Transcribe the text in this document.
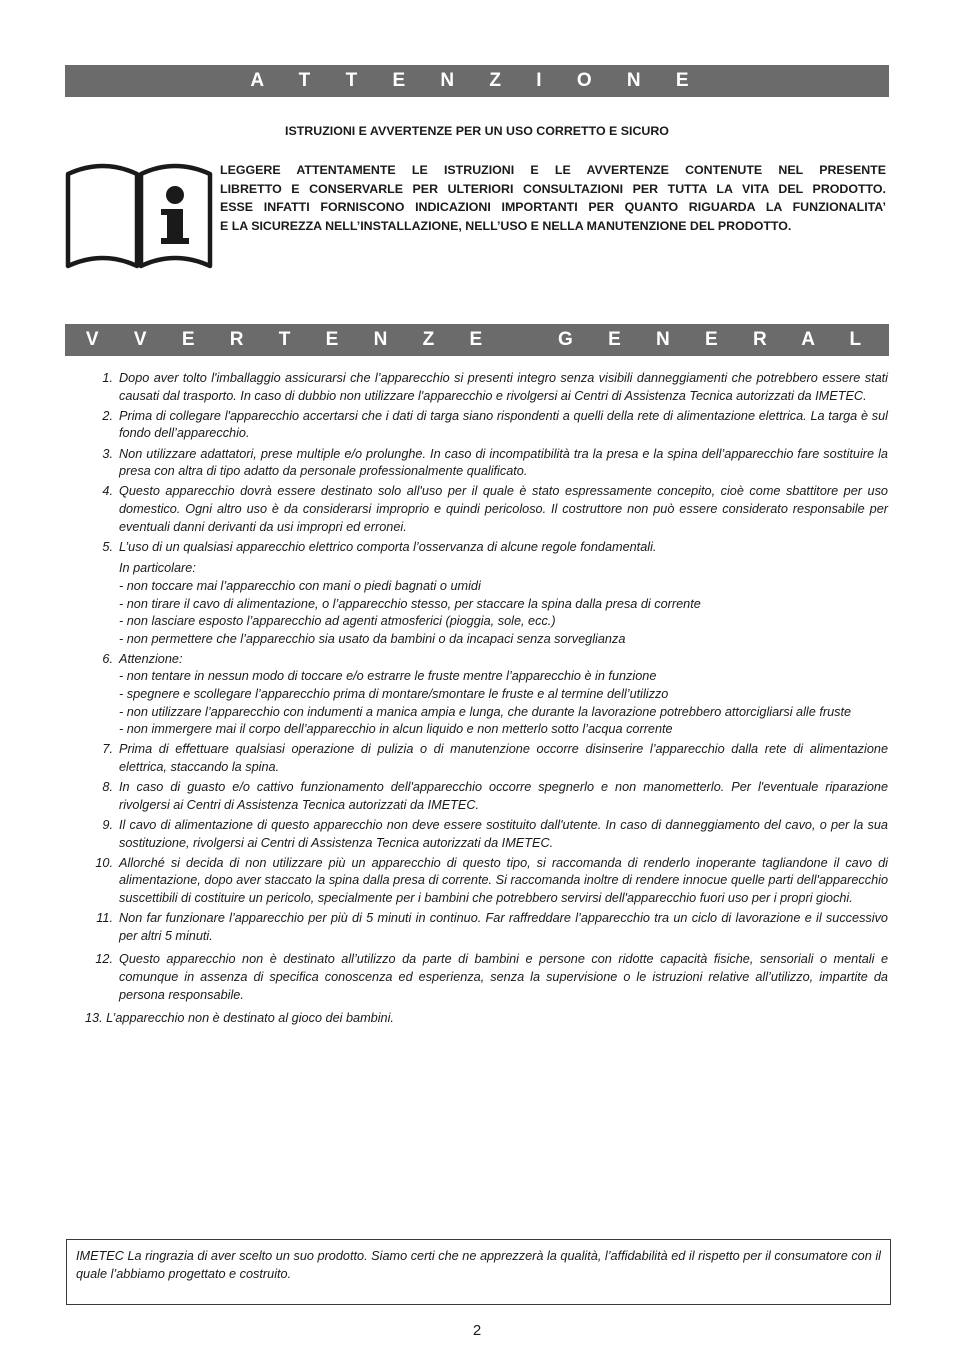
A T T E N Z I O N E
ISTRUZIONI E AVVERTENZE PER UN USO CORRETTO E SICURO
LEGGERE ATTENTAMENTE LE ISTRUZIONI E LE AVVERTENZE CONTENUTE NEL PRESENTE
LIBRETTO E CONSERVARLE PER ULTERIORI CONSULTAZIONI PER TUTTA LA VITA DEL PRODOTTO.
ESSE INFATTI FORNISCONO INDICAZIONI IMPORTANTI PER QUANTO RIGUARDA LA FUNZIONALITA’
E LA SICUREZZA NELL’INSTALLAZIONE, NELL’USO E NELLA MANUTENZIONE DEL PRODOTTO.
A V V E R T E N Z E   G E N E R A L I
1. Dopo aver tolto l'imballaggio assicurarsi che l’apparecchio si presenti integro senza visibili danneggiamenti che potrebbero essere stati causati dal trasporto. In caso di dubbio non utilizzare l'apparecchio e rivolgersi ai Centri di Assistenza Tecnica autorizzati da IMETEC.
2. Prima di collegare l'apparecchio accertarsi che i dati di targa siano rispondenti a quelli della rete di alimentazione elettrica. La targa è sul fondo dell’apparecchio.
3. Non utilizzare adattatori, prese multiple e/o prolunghe. In caso di incompatibilità tra la presa e la spina dell’apparecchio fare sostituire la presa con altra di tipo adatto da personale professionalmente qualificato.
4. Questo apparecchio dovrà essere destinato solo all'uso per il quale è stato espressamente concepito, cioè come sbattitore per uso domestico. Ogni altro uso è da considerarsi improprio e quindi pericoloso. Il costruttore non può essere considerato responsabile per eventuali danni derivanti da usi impropri ed erronei.
5. L’uso di un qualsiasi apparecchio elettrico comporta l’osservanza di alcune regole fondamentali.
In particolare:
- non toccare mai l’apparecchio con mani o piedi bagnati o umidi
- non tirare il cavo di alimentazione, o l’apparecchio stesso, per staccare la spina dalla presa di corrente
- non lasciare esposto l’apparecchio ad agenti atmosferici (pioggia, sole, ecc.)
- non permettere che l’apparecchio sia usato da bambini o da incapaci senza sorveglianza
6. Attenzione:
- non tentare in nessun modo di toccare e/o estrarre le fruste mentre l’apparecchio è in funzione
- spegnere e scollegare l’apparecchio prima di montare/smontare le fruste e al termine dell’utilizzo
- non utilizzare l’apparecchio con indumenti a manica ampia e lunga, che durante la lavorazione potrebbero attorcigliarsi alle fruste
- non immergere mai il corpo dell’apparecchio in alcun liquido e non metterlo sotto l’acqua corrente
7. Prima di effettuare qualsiasi operazione di pulizia o di manutenzione occorre disinserire l’apparecchio dalla rete di alimentazione elettrica, staccando la spina.
8. In caso di guasto e/o cattivo funzionamento dell'apparecchio occorre spegnerlo e non manometterlo. Per l'eventuale riparazione rivolgersi ai Centri di Assistenza Tecnica autorizzati da IMETEC.
9. Il cavo di alimentazione di questo apparecchio non deve essere sostituito dall'utente. In caso di danneggiamento del cavo, o per la sua sostituzione, rivolgersi ai Centri di Assistenza Tecnica autorizzati da IMETEC.
10. Allorché si decida di non utilizzare più un apparecchio di questo tipo, si raccomanda di renderlo inoperante tagliandone il cavo di alimentazione, dopo aver staccato la spina dalla presa di corrente. Si raccomanda inoltre di rendere innocue quelle parti dell'apparecchio suscettibili di costituire un pericolo, specialmente per i bambini che potrebbero servirsi dell'apparecchio fuori uso per i propri giochi.
11. Non far funzionare l’apparecchio per più di 5 minuti in continuo. Far raffreddare l’apparecchio tra un ciclo di lavorazione e il successivo per altri 5 minuti.
12. Questo apparecchio non è destinato all’utilizzo da parte di bambini e persone con ridotte capacità fisiche, sensoriali o mentali e comunque in assenza di specifica conoscenza ed esperienza, senza la supervisione o le istruzioni relative all’utilizzo, impartite da persona responsabile.
13. L’apparecchio non è destinato al gioco dei bambini.
IMETEC La ringrazia di aver scelto un suo prodotto. Siamo certi che ne apprezzerà la qualità, l’affidabilità ed il rispetto per il consumatore con il quale l’abbiamo progettato e costruito.
2
